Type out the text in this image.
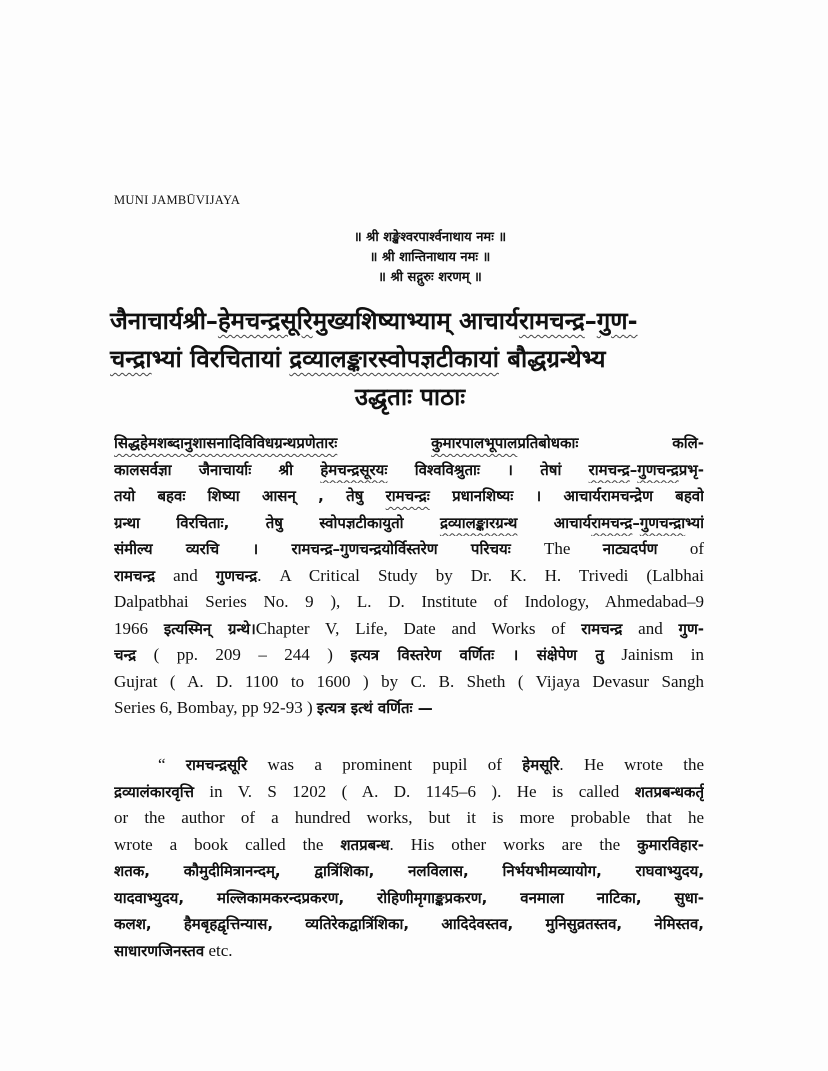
MUNI JAMBŪVIJAYA
॥ श्री शङ्खेश्वरपार्श्वनाथाय नमः ॥
॥ श्री शान्तिनाथाय नमः ॥
॥ श्री सद्गुरुः शरणम् ॥
जैनाचार्यश्री–हेमचन्द्रसूरिमुख्यशिष्याभ्याम् आचार्यरामचन्द्र–गुण-
चन्द्राभ्यां विरचितायां द्रव्यालङ्कारस्वोपज्ञटीकायां बौद्धग्रन्थेभ्य
उद्धृताः पाठाः
सिद्धहेमशब्दानुशासनादिविविधग्रन्थप्रणेतारः	कुमारपालभूपालप्रतिबोधकाः कलि-
कालसर्वज्ञा जैनाचार्याः श्री हेमचन्द्रसूरयः विश्वविश्रुताः । तेषां रामचन्द्र–गुणचन्द्रप्रभृ-
तयो बहवः शिष्या आसन् , तेषु रामचन्द्रः प्रधानशिष्यः । आचार्यरामचन्द्रेण बहवो
ग्रन्था विरचिताः, तेषु स्वोपज्ञटीकायुतो द्रव्यालङ्कारग्रन्थ आचार्यरामचन्द्र–गुणचन्द्राभ्यां
संमील्य व्यरचि । रामचन्द्र–गुणचन्द्रयोर्विस्तरेण परिचयः The नाट्यदर्पण of
रामचन्द्र and गुणचन्द्र. A Critical Study by Dr. K. H. Trivedi (Lalbhai
Dalpatbhai Series No. 9 ), L. D. Institute of Indology, Ahmedabad–9
1966 इत्यस्मिन् ग्रन्थे।Chapter V, Life, Date and Works of रामचन्द्र and गुण-
चन्द्र ( pp. 209 – 244 ) इत्यत्र विस्तरेण वर्णितः । संक्षेपेण तु Jainism in
Gujrat ( A. D. 1100 to 1600 ) by C. B. Sheth ( Vijaya Devasur Sangh
Series 6, Bombay, pp 92-93 ) इत्यत्र इत्थं वर्णितः —
“ रामचन्द्रसूरि was a prominent pupil of हेमसूरि. He wrote the
द्रव्यालंकारवृत्ति in V. S 1202 ( A. D. 1145–6 ). He is called शतप्रबन्धकर्तृ
or the author of a hundred works, but it is more probable that he
wrote a book called the शतप्रबन्ध. His other works are the कुमारविहार-
शतक, कौमुदीमित्रानन्दम्, द्वात्रिंशिका, नलविलास, निर्भयभीमव्यायोग, राघवाभ्युदय,
यादवाभ्युदय, मल्लिकामकरन्दप्रकरण, रोहिणीमृगाङ्कप्रकरण, वनमाला नाटिका, सुधा-
कलश, हैमबृहद्वृत्तिन्यास, व्यतिरेकद्वात्रिंशिका, आदिदेवस्तव, मुनिसुव्रतस्तव, नेमिस्तव,
साधारणजिनस्तव etc.
